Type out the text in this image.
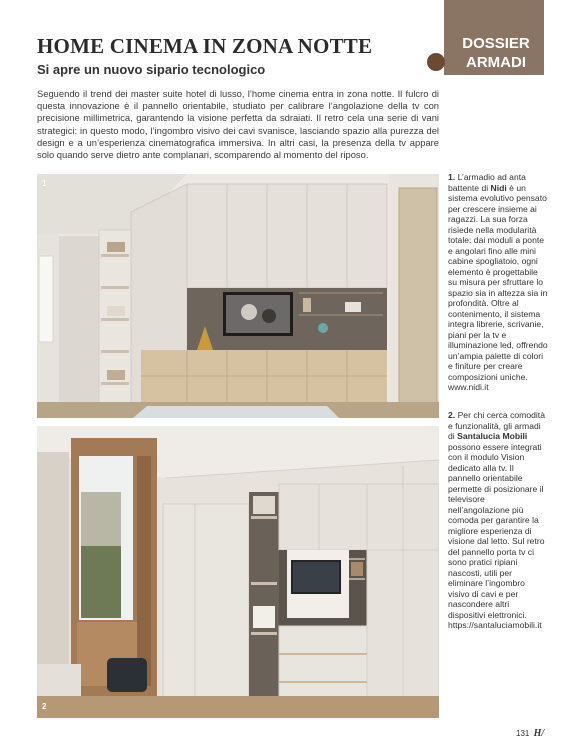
DOSSIER
ARMADI
HOME CINEMA IN ZONA NOTTE
Si apre un nuovo sipario tecnologico

Seguendo il trend dei master suite hotel di lusso, l’home cinema entra in zona notte. Il fulcro di questa innovazione è il pannello orientabile, studiato per calibrare l’angolazione della tv con precisione millimetrica, garantendo la visione perfetta da sdraiati. Il retro cela una serie di vani strategici: in questo modo, l’ingombro visivo dei cavi svanisce, lasciando spazio alla purezza del design e a un’esperienza cinematografica immersiva. In altri casi, la presenza della tv appare solo quando serve dietro ante complanari, scomparendo al momento del riposo.

1
2

1. L’armadio ad anta battente di Nidi è un sistema evolutivo pensato per crescere insieme ai ragazzi. La sua forza risiede nella modularità totale: dai moduli a ponte e angolari fino alle mini cabine spogliatoio, ogni elemento è progettabile su misura per sfruttare lo spazio sia in altezza sia in profondità. Oltre al contenimento, il sistema integra librerie, scrivanie, piani per la tv e illuminazione led, offrendo un’ampia palette di colori e finiture per creare composizioni uniche. www.nidi.it

2. Per chi cerca comodità e funzionalità, gli armadi di Santalucia Mobili possono essere integrati con il modulo Vision dedicato alla tv. Il pannello orientabile permette di posizionare il televisore nell’angolazione più comoda per garantire la migliore esperienza di visione dal letto. Sul retro del pannello porta tv ci sono pratici ripiani nascosti, utili per eliminare l’ingombro visivo di cavi e per nascondere altri dispositivi elettronici. https://santaluciamobili.it

131 H/
